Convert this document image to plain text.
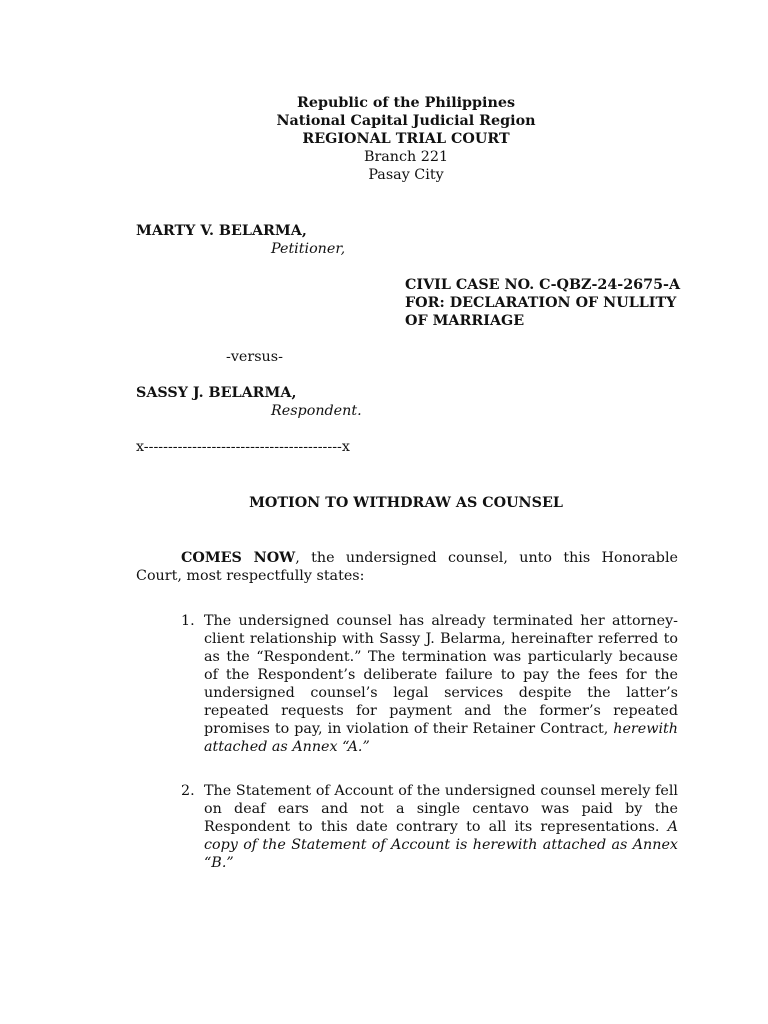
Republic of the Philippines
National Capital Judicial Region
REGIONAL TRIAL COURT
Branch 221
Pasay City
MARTY V. BELARMA,
Petitioner,
CIVIL CASE NO. C-QBZ-24-2675-A
FOR: DECLARATION OF NULLITY
OF MARRIAGE
-versus-
SASSY J. BELARMA,
Respondent.
x-----------------------------------------x
MOTION TO WITHDRAW AS COUNSEL
COMES NOW, the undersigned counsel, unto this Honorable Court, most respectfully states:
1. The undersigned counsel has already terminated her attorney-client relationship with Sassy J. Belarma, hereinafter referred to as the “Respondent.” The termination was particularly because of the Respondent’s deliberate failure to pay the fees for the undersigned counsel’s legal services despite the latter’s repeated requests for payment and the former’s repeated promises to pay, in violation of their Retainer Contract, herewith attached as Annex “A.”
2. The Statement of Account of the undersigned counsel merely fell on deaf ears and not a single centavo was paid by the Respondent to this date contrary to all its representations. A copy of the Statement of Account is herewith attached as Annex “B.”
